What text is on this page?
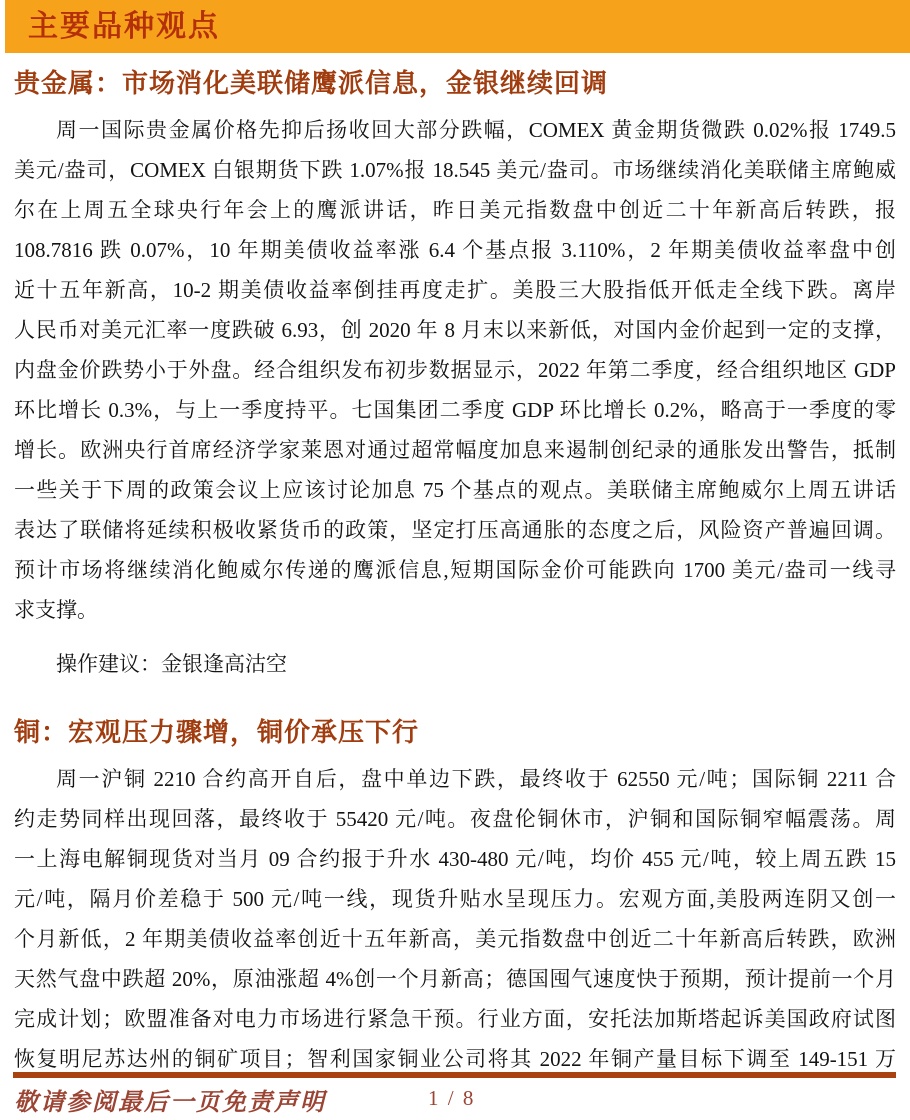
主要品种观点
贵金属：市场消化美联储鹰派信息，金银继续回调
周一国际贵金属价格先抑后扬收回大部分跌幅，COMEX 黄金期货微跌 0.02%报 1749.5
美元/盎司，COMEX 白银期货下跌 1.07%报 18.545 美元/盎司。市场继续消化美联储主席鲍威
尔在上周五全球央行年会上的鹰派讲话，昨日美元指数盘中创近二十年新高后转跌，报
108.7816 跌 0.07%，10 年期美债收益率涨 6.4 个基点报 3.110%，2 年期美债收益率盘中创
近十五年新高，10-2 期美债收益率倒挂再度走扩。美股三大股指低开低走全线下跌。离岸
人民币对美元汇率一度跌破 6.93，创 2020 年 8 月末以来新低，对国内金价起到一定的支撑，
内盘金价跌势小于外盘。经合组织发布初步数据显示，2022 年第二季度，经合组织地区 GDP
环比增长 0.3%，与上一季度持平。七国集团二季度 GDP 环比增长 0.2%，略高于一季度的零
增长。欧洲央行首席经济学家莱恩对通过超常幅度加息来遏制创纪录的通胀发出警告，抵制
一些关于下周的政策会议上应该讨论加息 75 个基点的观点。美联储主席鲍威尔上周五讲话
表达了联储将延续积极收紧货币的政策，坚定打压高通胀的态度之后，风险资产普遍回调。
预计市场将继续消化鲍威尔传递的鹰派信息,短期国际金价可能跌向 1700 美元/盎司一线寻
求支撑。
操作建议：金银逢高沽空
铜：宏观压力骤增，铜价承压下行
周一沪铜 2210 合约高开自后，盘中单边下跌，最终收于 62550 元/吨；国际铜 2211 合
约走势同样出现回落，最终收于 55420 元/吨。夜盘伦铜休市，沪铜和国际铜窄幅震荡。周
一上海电解铜现货对当月 09 合约报于升水 430-480 元/吨，均价 455 元/吨，较上周五跌 15
元/吨，隔月价差稳于 500 元/吨一线，现货升贴水呈现压力。宏观方面,美股两连阴又创一
个月新低，2 年期美债收益率创近十五年新高，美元指数盘中创近二十年新高后转跌，欧洲
天然气盘中跌超 20%，原油涨超 4%创一个月新高；德国囤气速度快于预期，预计提前一个月
完成计划；欧盟准备对电力市场进行紧急干预。行业方面，安托法加斯塔起诉美国政府试图
恢复明尼苏达州的铜矿项目；智利国家铜业公司将其 2022 年铜产量目标下调至 149-151 万
敬请参阅最后一页免责声明	1 / 8
